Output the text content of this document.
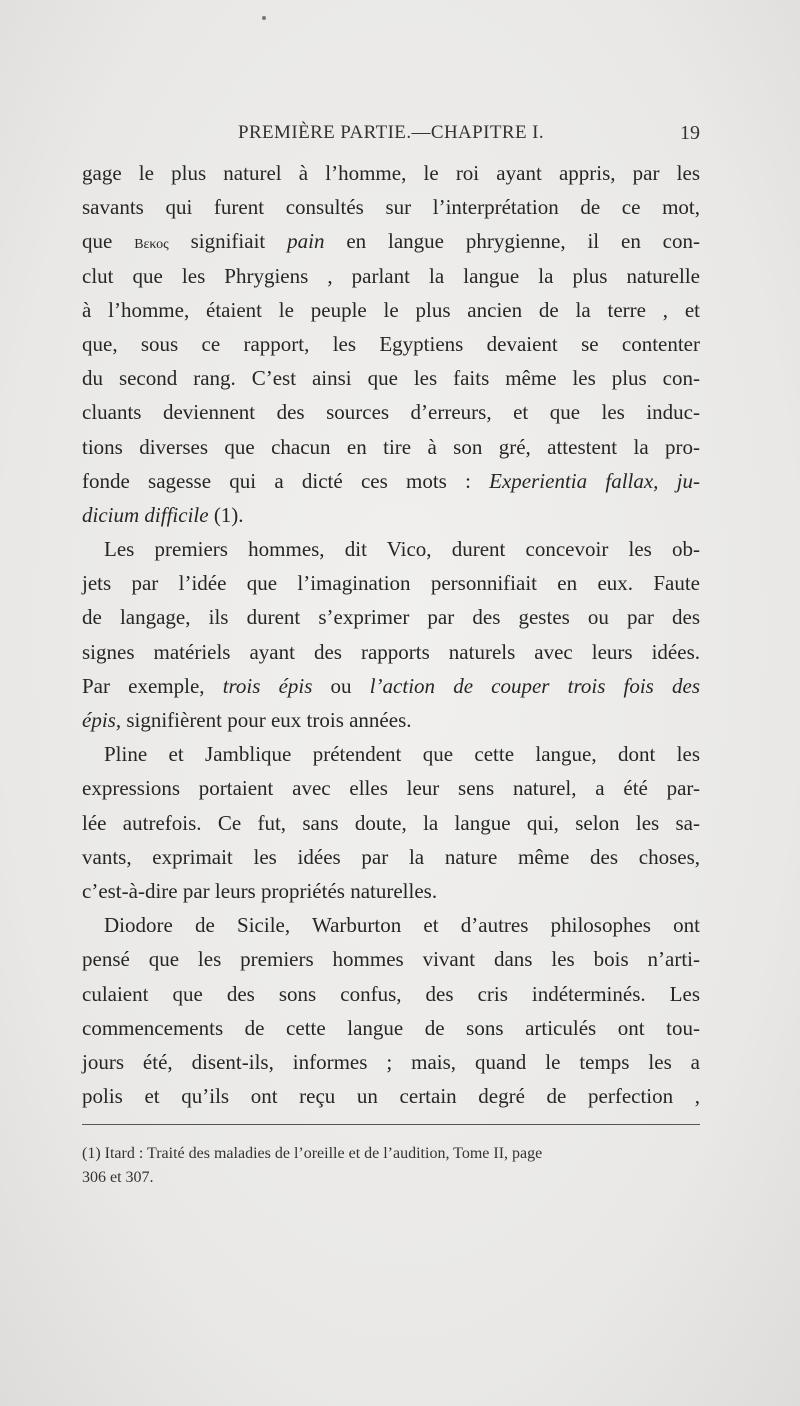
PREMIÈRE PARTIE.—CHAPITRE I.	19
gage le plus naturel à l’homme, le roi ayant appris, par les
savants qui furent consultés sur l’interprétation de ce mot,
que Βεκος signifiait pain en langue phrygienne, il en con-
clut que les Phrygiens , parlant la langue la plus naturelle
à l’homme, étaient le peuple le plus ancien de la terre , et
que, sous ce rapport, les Egyptiens devaient se contenter
du second rang. C’est ainsi que les faits même les plus con-
cluants deviennent des sources d’erreurs, et que les induc-
tions diverses que chacun en tire à son gré, attestent la pro-
fonde sagesse qui a dicté ces mots : Experientia fallax, ju-
dicium difficile (1).
Les premiers hommes, dit Vico, durent concevoir les ob-
jets par l’idée que l’imagination personnifiait en eux. Faute
de langage, ils durent s’exprimer par des gestes ou par des
signes matériels ayant des rapports naturels avec leurs idées.
Par exemple, trois épis ou l’action de couper trois fois des
épis, signifièrent pour eux trois années.
Pline et Jamblique prétendent que cette langue, dont les
expressions portaient avec elles leur sens naturel, a été par-
lée autrefois. Ce fut, sans doute, la langue qui, selon les sa-
vants, exprimait les idées par la nature même des choses,
c’est-à-dire par leurs propriétés naturelles.
Diodore de Sicile, Warburton et d’autres philosophes ont
pensé que les premiers hommes vivant dans les bois n’arti-
culaient que des sons confus, des cris indéterminés. Les
commencements de cette langue de sons articulés ont tou-
jours été, disent-ils, informes ; mais, quand le temps les a
polis et qu’ils ont reçu un certain degré de perfection ,
(1) Itard : Traité des maladies de l’oreille et de l’audition, Tome II, page
306 et 307.
